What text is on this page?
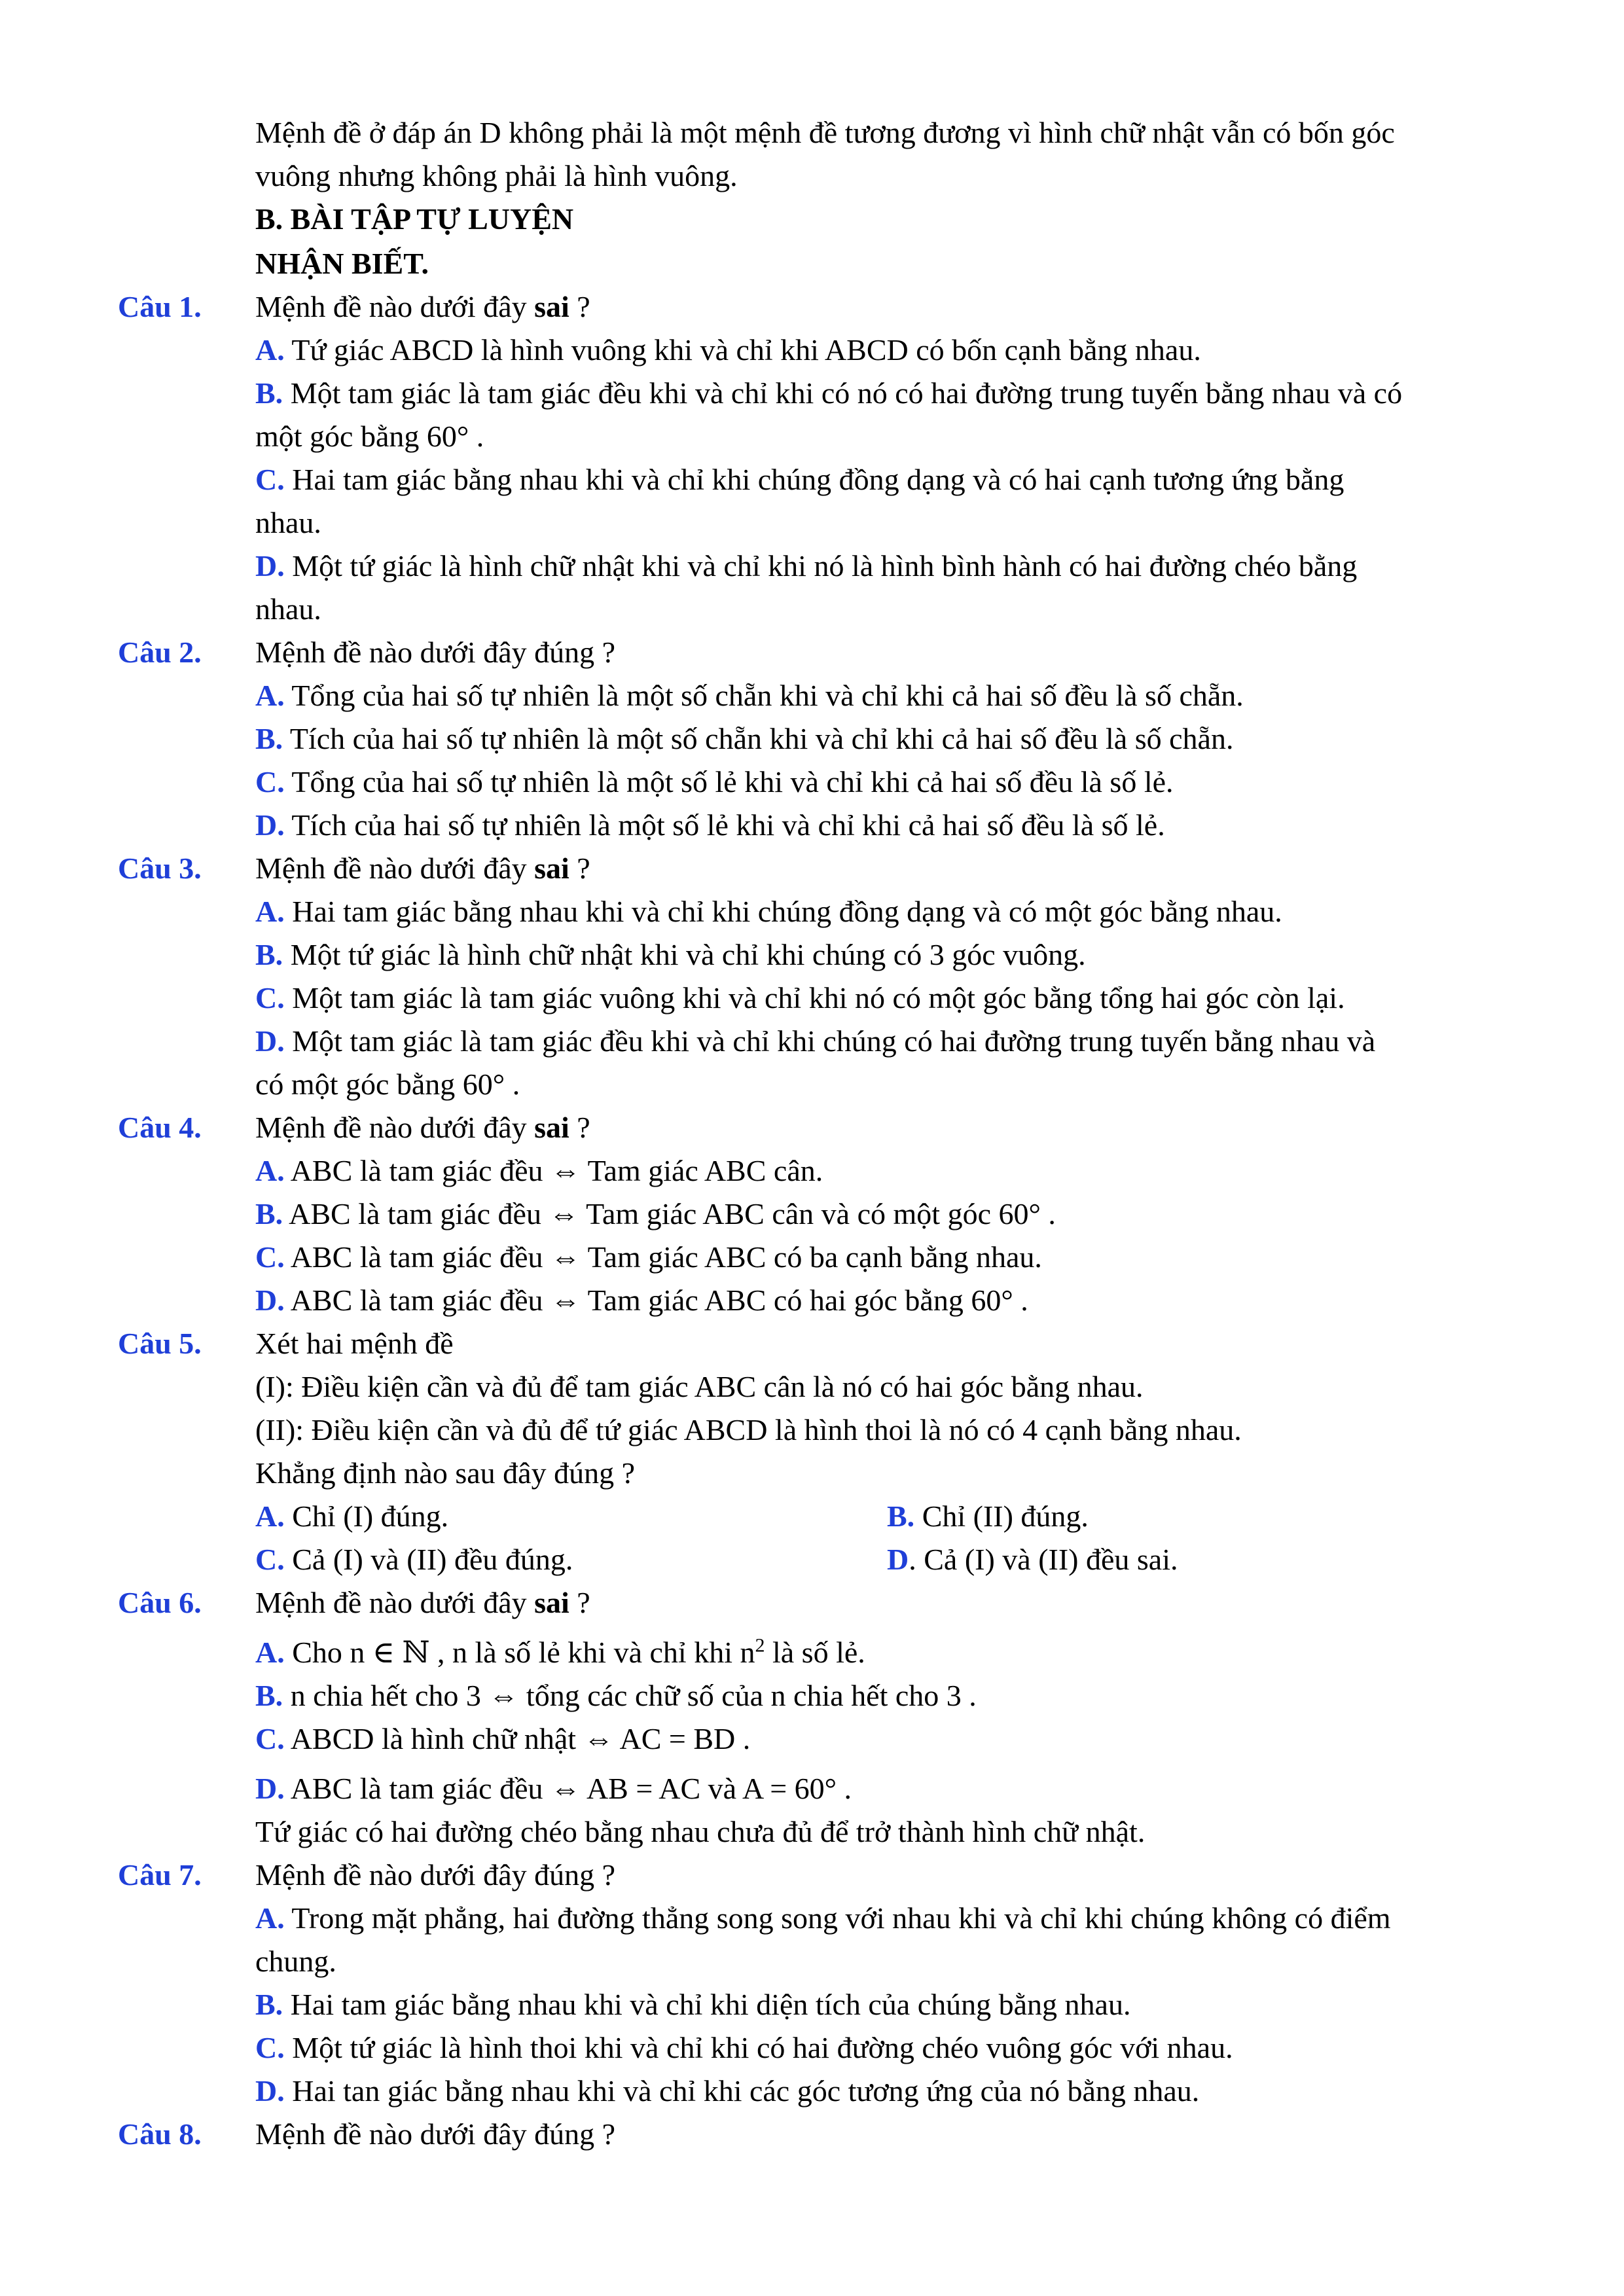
Mệnh đề ở đáp án D không phải là một mệnh đề tương đương vì hình chữ nhật vẫn có bốn góc
vuông nhưng không phải là hình vuông.
B. BÀI TẬP TỰ LUYỆN
NHẬN BIẾT.
Câu 1.	Mệnh đề nào dưới đây sai ?
A. Tứ giác ABCD là hình vuông khi và chỉ khi ABCD có bốn cạnh bằng nhau.
B. Một tam giác là tam giác đều khi và chỉ khi có nó có hai đường trung tuyến bằng nhau và có
một góc bằng 60° .
C. Hai tam giác bằng nhau khi và chỉ khi chúng đồng dạng và có hai cạnh tương ứng bằng
nhau.
D. Một tứ giác là hình chữ nhật khi và chỉ khi nó là hình bình hành có hai đường chéo bằng
nhau.
Câu 2.	Mệnh đề nào dưới đây đúng ?
A. Tổng của hai số tự nhiên là một số chẵn khi và chỉ khi cả hai số đều là số chẵn.
B. Tích của hai số tự nhiên là một số chẵn khi và chỉ khi cả hai số đều là số chẵn.
C. Tổng của hai số tự nhiên là một số lẻ khi và chỉ khi cả hai số đều là số lẻ.
D. Tích của hai số tự nhiên là một số lẻ khi và chỉ khi cả hai số đều là số lẻ.
Câu 3.	Mệnh đề nào dưới đây sai ?
A. Hai tam giác bằng nhau khi và chỉ khi chúng đồng dạng và có một góc bằng nhau.
B. Một tứ giác là hình chữ nhật khi và chỉ khi chúng có 3 góc vuông.
C. Một tam giác là tam giác vuông khi và chỉ khi nó có một góc bằng tổng hai góc còn lại.
D. Một tam giác là tam giác đều khi và chỉ khi chúng có hai đường trung tuyến bằng nhau và
có một góc bằng 60° .
Câu 4.	Mệnh đề nào dưới đây sai ?
A. ABC là tam giác đều ⇔ Tam giác ABC cân.
B. ABC là tam giác đều ⇔ Tam giác ABC cân và có một góc 60° .
C. ABC là tam giác đều ⇔ Tam giác ABC có ba cạnh bằng nhau.
D. ABC là tam giác đều ⇔ Tam giác ABC có hai góc bằng 60° .
Câu 5.	Xét hai mệnh đề
(I): Điều kiện cần và đủ để tam giác ABC cân là nó có hai góc bằng nhau.
(II): Điều kiện cần và đủ để tứ giác ABCD là hình thoi là nó có 4 cạnh bằng nhau.
Khẳng định nào sau đây đúng ?
A. Chỉ (I) đúng.	B. Chỉ (II) đúng.
C. Cả (I) và (II) đều đúng.	D. Cả (I) và (II) đều sai.
Câu 6.	Mệnh đề nào dưới đây sai ?
A. Cho n ∈ ℕ , n là số lẻ khi và chỉ khi $n^2$ là số lẻ.
B. n chia hết cho 3 ⇔ tổng các chữ số của n chia hết cho 3 .
C. ABCD là hình chữ nhật ⇔ AC = BD .
D. ABC là tam giác đều ⇔ AB = AC và A = 60° .
Tứ giác có hai đường chéo bằng nhau chưa đủ để trở thành hình chữ nhật.
Câu 7.	Mệnh đề nào dưới đây đúng ?
A. Trong mặt phẳng, hai đường thẳng song song với nhau khi và chỉ khi chúng không có điểm
chung.
B. Hai tam giác bằng nhau khi và chỉ khi diện tích của chúng bằng nhau.
C. Một tứ giác là hình thoi khi và chỉ khi có hai đường chéo vuông góc với nhau.
D. Hai tan giác bằng nhau khi và chỉ khi các góc tương ứng của nó bằng nhau.
Câu 8.	Mệnh đề nào dưới đây đúng ?
